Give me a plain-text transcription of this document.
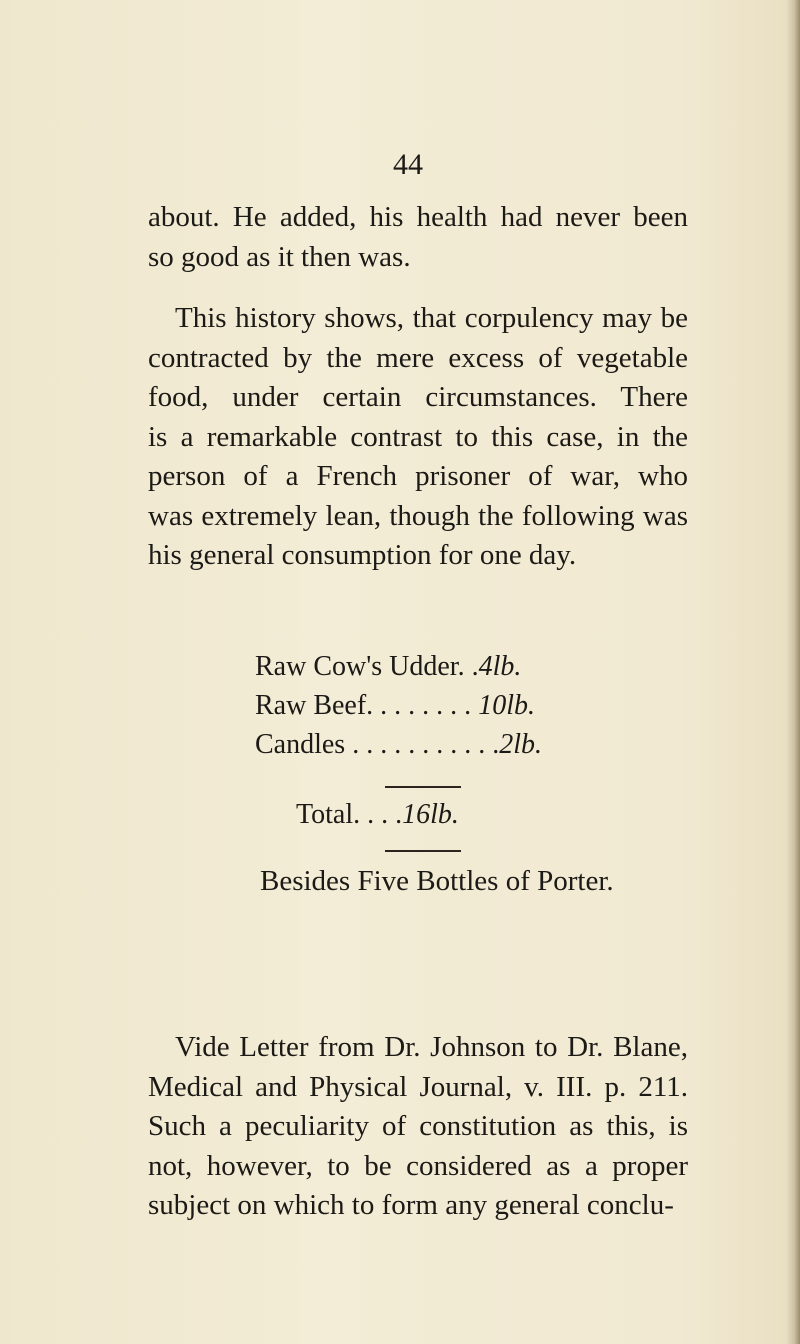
44

about. He added, his health had never been
so good as it then was.

This history shows, that corpulency may be
contracted by the mere excess of vegetable
food, under certain circumstances. There
is a remarkable contrast to this case, in the
person of a French prisoner of war, who
was extremely lean, though the following was
his general consumption for one day.

Raw Cow's Udder. .4lb.
Raw Beef. . . . . . . . 10lb.
Candles . . . . . . . . . . .2lb.
Total. . . .16lb.
Besides Five Bottles of Porter.

Vide Letter from Dr. Johnson to Dr. Blane,
Medical and Physical Journal, v. III. p. 211.
Such a peculiarity of constitution as this, is
not, however, to be considered as a proper
subject on which to form any general conclu-
